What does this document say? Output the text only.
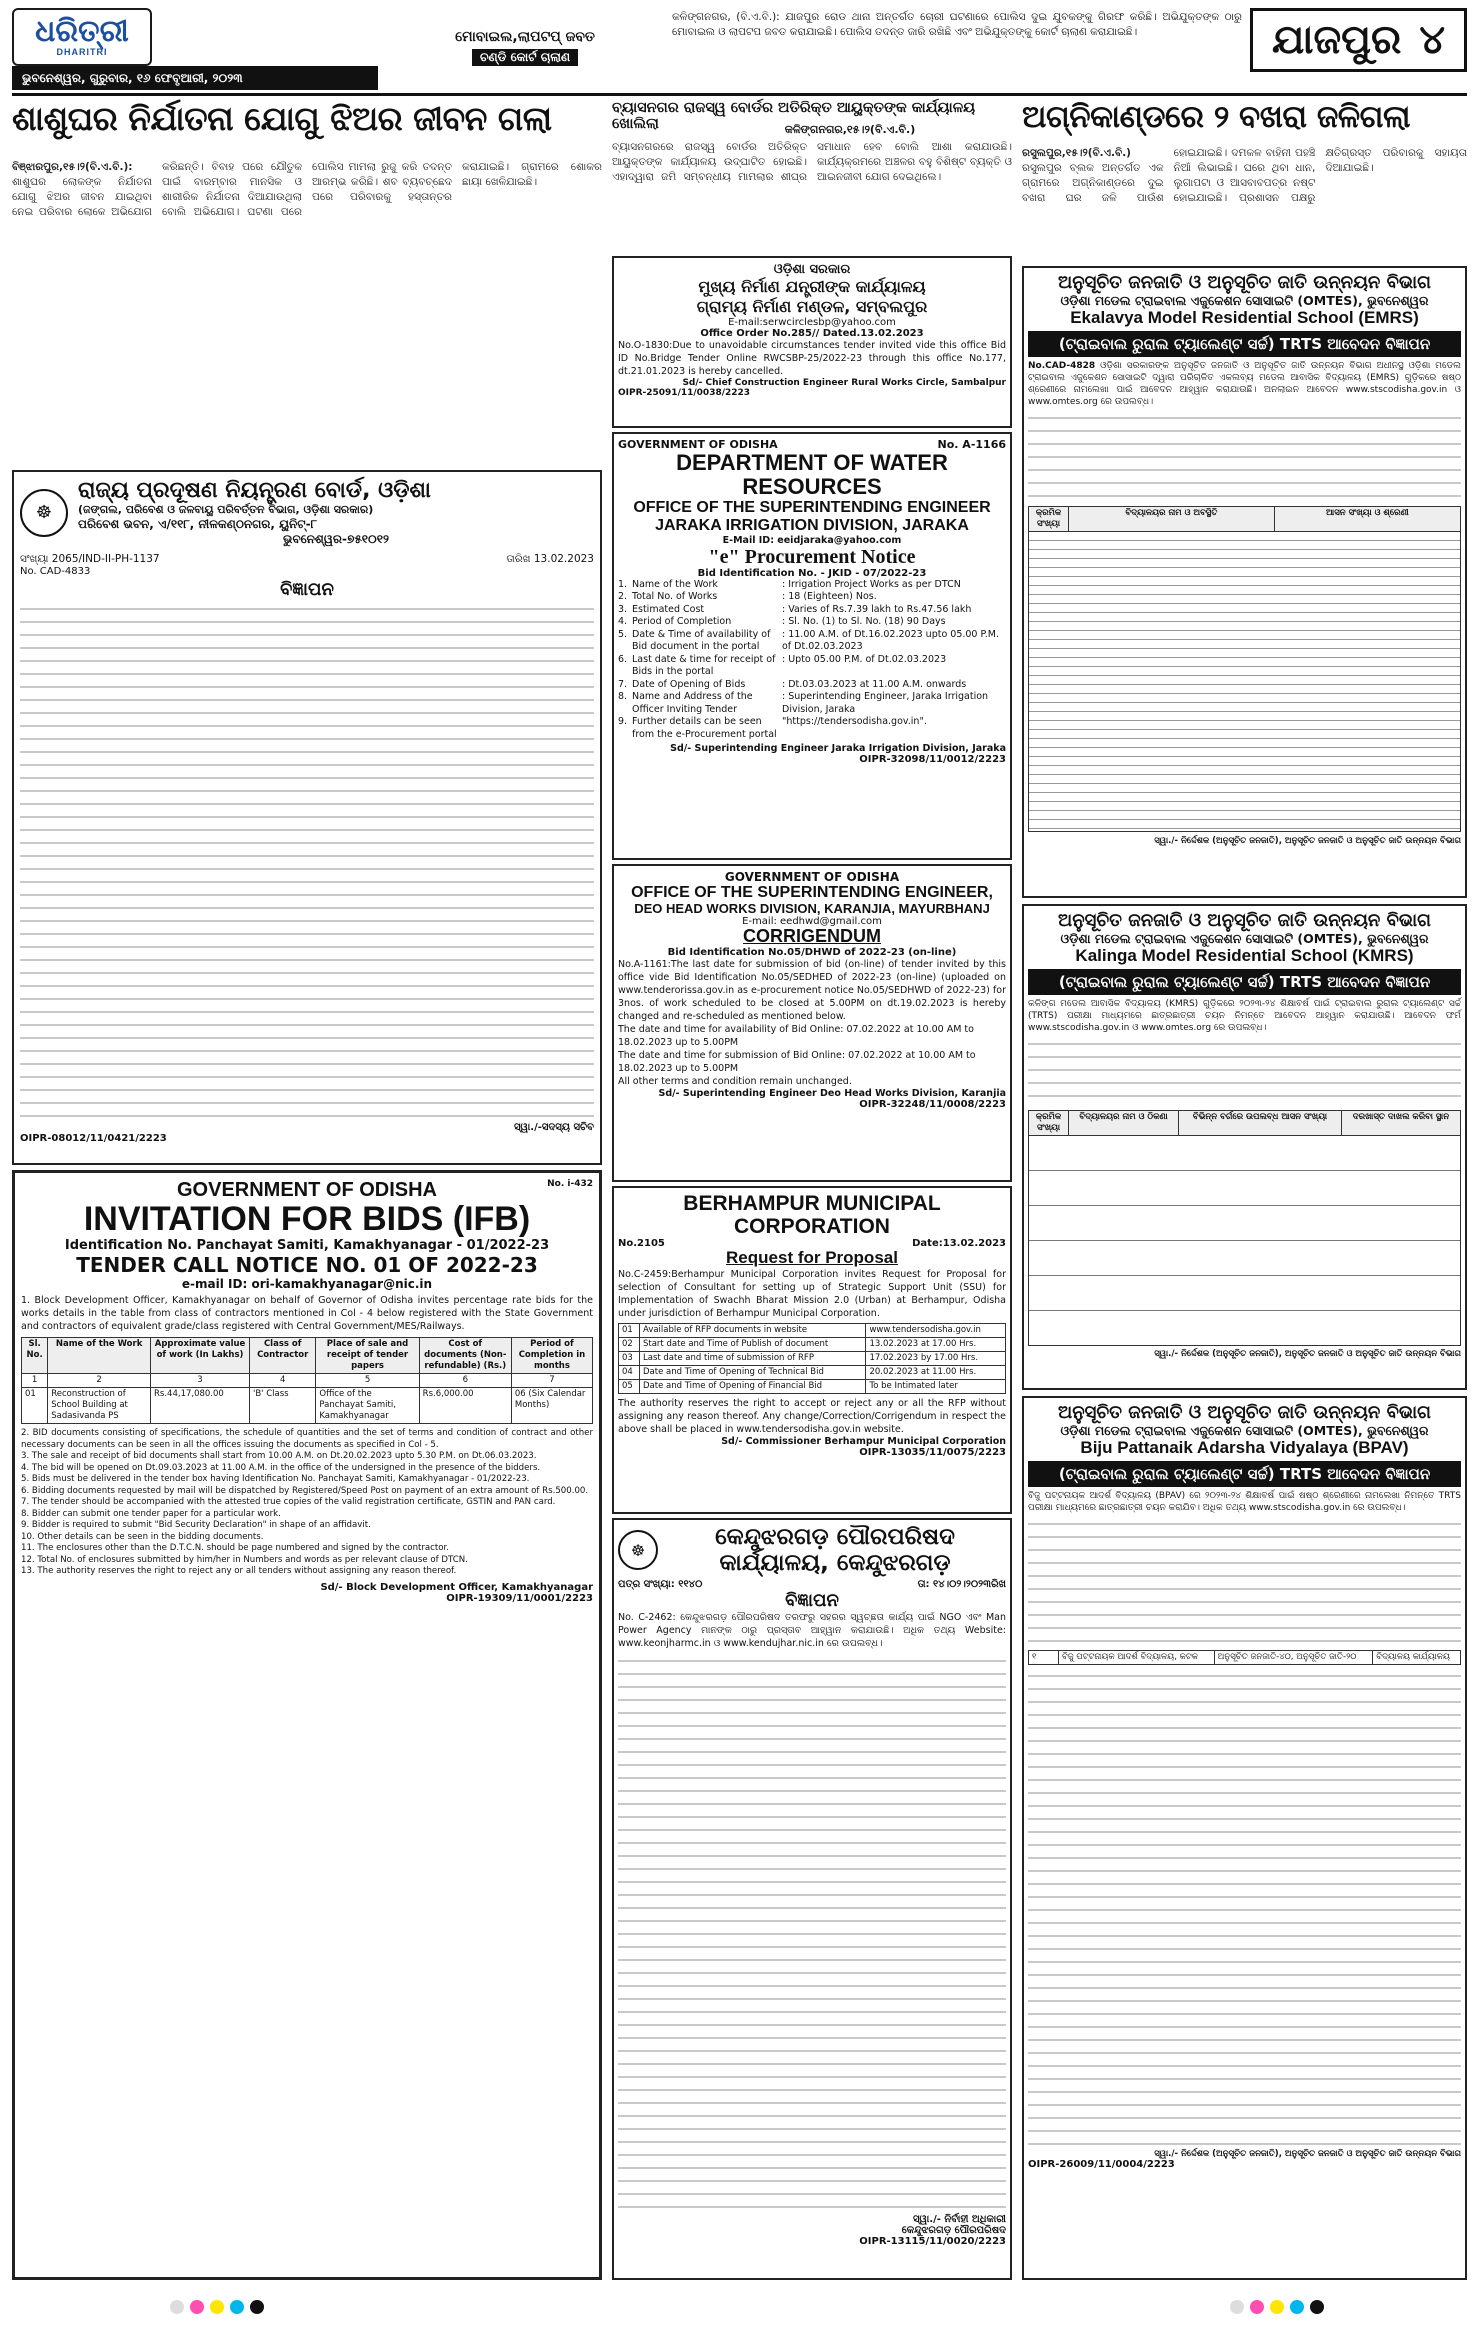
ଧରିତ୍ରୀ
DHARITRI
ଭୁବନେଶ୍ୱର, ଗୁରୁବାର, ୧୬ ଫେବୃଆରୀ, ୨୦୨୩
ମୋବାଇଲ,ଲାପଟପ୍ ଜବତ
ଚଣ୍ଡି କୋର୍ଟ ଚାଲାଣ
କଳିଙ୍ଗନଗର, (ବି.ଏ.ବି.): ଯାଜପୁର ରୋଡ ଥାନା ଅନ୍ତର୍ଗତ ଚୋରୀ ଘଟଣାରେ ପୋଲିସ ଦୁଇ ଯୁବକଙ୍କୁ ଗିରଫ କରିଛି। ଅଭିଯୁକ୍ତଙ୍କ ଠାରୁ ମୋବାଇଲ ଓ ଲାପଟପ ଜବତ କରାଯାଇଛି। ପୋଲିସ ତଦନ୍ତ ଜାରି ରଖିଛି ଏବଂ ଅଭିଯୁକ୍ତଙ୍କୁ କୋର୍ଟ ଚାଲାଣ କରାଯାଇଛି।	ଯାଜପୁର ୪
ଶାଶୁଘର ନିର୍ଯାତନା ଯୋଗୁ ଝିଅର ଜୀବନ ଗଲା
ବିଞ୍ଝାରପୁର,୧୫।୨(ବି.ଏ.ବି.): ଶାଶୁଘର ଲୋକଙ୍କ ନିର୍ଯାତନା ଯୋଗୁ ଝିଅର ଜୀବନ ଯାଇଥିବା ନେଇ ପରିବାର ଲୋକେ ଅଭିଯୋଗ କରିଛନ୍ତି। ବିବାହ ପରେ ଯୌତୁକ ପାଇଁ ବାରମ୍ବାର ମାନସିକ ଓ ଶାରୀରିକ ନିର୍ଯାତନା ଦିଆଯାଉଥିଲା ବୋଲି ଅଭିଯୋଗ। ଘଟଣା ପରେ ପୋଲିସ ମାମଲା ରୁଜୁ କରି ତଦନ୍ତ ଆରମ୍ଭ କରିଛି। ଶବ ବ୍ୟବଚ୍ଛେଦ ପରେ ପରିବାରକୁ ହସ୍ତାନ୍ତର କରାଯାଇଛି। ଗ୍ରାମରେ ଶୋକର ଛାୟା ଖେଳିଯାଇଛି।
ବ୍ୟାସନଗର ରାଜସ୍ୱ ବୋର୍ଡର ଅତିରିକ୍ତ ଆୟୁକ୍ତଙ୍କ କାର୍ଯ୍ୟାଳୟ ଖୋଲିଲା	କଳିଙ୍ଗନଗର,୧୫।୨(ବି.ଏ.ବି.)
ବ୍ୟାସନଗରରେ ରାଜସ୍ୱ ବୋର୍ଡର ଅତିରିକ୍ତ ଆୟୁକ୍ତଙ୍କ କାର୍ଯ୍ୟାଳୟ ଉଦ୍‌ଘାଟିତ ହୋଇଛି। ଏହାଦ୍ୱାରା ଜମି ସମ୍ବନ୍ଧୀୟ ମାମଲାର ଶୀଘ୍ର ସମାଧାନ ହେବ ବୋଲି ଆଶା କରାଯାଉଛି। କାର୍ଯ୍ୟକ୍ରମରେ ଅଞ୍ଚଳର ବହୁ ବିଶିଷ୍ଟ ବ୍ୟକ୍ତି ଓ ଆଇନଜୀବୀ ଯୋଗ ଦେଇଥିଲେ।
ଅଗ୍ନିକାଣ୍ଡରେ ୨ ବଖରା ଜଳିଗଲା
ରସୁଲପୁର,୧୫।୨(ବି.ଏ.ବି.) ରସୁଲପୁର ବ୍ଲକ ଅନ୍ତର୍ଗତ ଏକ ଗ୍ରାମରେ ଅଗ୍ନିକାଣ୍ଡରେ ଦୁଇ ବଖରା ଘର ଜଳି ପାଉଁଶ ହୋଇଯାଇଛି। ଦମକଳ ବାହିନୀ ପହଞ୍ଚି ନିଆଁ ଲିଭାଇଛି। ଘରେ ଥିବା ଧାନ, ଲୁଗାପଟା ଓ ଆସବାବପତ୍ର ନଷ୍ଟ ହୋଇଯାଇଛି। ପ୍ରଶାସନ ପକ୍ଷରୁ କ୍ଷତିଗ୍ରସ୍ତ ପରିବାରକୁ ସହାୟତା ଦିଆଯାଇଛି।
☸
ରାଜ୍ୟ ପ୍ରଦୂଷଣ ନିୟନ୍ତ୍ରଣ ବୋର୍ଡ, ଓଡ଼ିଶା
(ଜଙ୍ଗଲ, ପରିବେଶ ଓ ଜଳବାୟୁ ପରିବର୍ତ୍ତନ ବିଭାଗ, ଓଡ଼ିଶା ସରକାର)
ପରିବେଶ ଭବନ, ଏ/୧୧୮, ନୀଳକଣ୍ଠନଗର, ୟୁନିଟ୍-୮
ଭୁବନେଶ୍ୱର-୭୫୧୦୧୨
ସଂଖ୍ୟା 2065/IND-II-PH-1137	ତାରିଖ 13.02.2023
No. CAD-4833
ବିଜ୍ଞାପନ
ସ୍ୱା./-ସଦସ୍ୟ ସଚିବ
OIPR-08012/11/0421/2223
GOVERNMENT OF ODISHA	No. i-432
INVITATION FOR BIDS (IFB)
Identification No. Panchayat Samiti, Kamakhyanagar - 01/2022-23
TENDER CALL NOTICE NO. 01 OF 2022-23
e-mail ID: ori-kamakhyanagar@nic.in
1. Block Development Officer, Kamakhyanagar on behalf of Governor of Odisha invites percentage rate bids for the works details in the table from class of contractors mentioned in Col - 4 below registered with the State Government and contractors of equivalent grade/class registered with Central Government/MES/Railways.
Sl. No.	Name of the Work	Approximate value of work (In Lakhs)	Class of Contractor	Place of sale and receipt of tender papers	Cost of documents (Non-refundable) (Rs.)	Period of Completion in months
1	2	3	4	5	6	7
01	Reconstruction of School Building at Sadasivanda PS	Rs.44,17,080.00	'B' Class	Office of the Panchayat Samiti, Kamakhyanagar	Rs.6,000.00	06 (Six Calendar Months)
2. BID documents consisting of specifications, the schedule of quantities and the set of terms and condition of contract and other necessary documents can be seen in all the offices issuing the documents as specified in Col - 5.
3. The sale and receipt of bid documents shall start from 10.00 A.M. on Dt.20.02.2023 upto 5.30 P.M. on Dt.06.03.2023.
4. The bid will be opened on Dt.09.03.2023 at 11.00 A.M. in the office of the undersigned in the presence of the bidders.
5. Bids must be delivered in the tender box having Identification No. Panchayat Samiti, Kamakhyanagar - 01/2022-23.
6. Bidding documents requested by mail will be dispatched by Registered/Speed Post on payment of an extra amount of Rs.500.00.
7. The tender should be accompanied with the attested true copies of the valid registration certificate, GSTIN and PAN card.
8. Bidder can submit one tender paper for a particular work.
9. Bidder is required to submit "Bid Security Declaration" in shape of an affidavit.
10. Other details can be seen in the bidding documents.
11. The enclosures other than the D.T.C.N. should be page numbered and signed by the contractor.
12. Total No. of enclosures submitted by him/her in Numbers and words as per relevant clause of DTCN.
13. The authority reserves the right to reject any or all tenders without assigning any reason thereof.
Sd/- Block Development Officer, Kamakhyanagar
OIPR-19309/11/0001/2223
ଓଡ଼ିଶା ସରକାର
ମୁଖ୍ୟ ନିର୍ମାଣ ଯନ୍ତ୍ରୀଙ୍କ କାର୍ଯ୍ୟାଳୟ
ଗ୍ରାମ୍ୟ ନିର୍ମାଣ ମଣ୍ଡଳ, ସମ୍ବଲପୁର
E-mail:serwcirclesbp@yahoo.com
Office Order No.285// Dated.13.02.2023
No.O-1830:Due to unavoidable circumstances tender invited vide this office Bid ID No.Bridge Tender Online RWCSBP-25/2022-23 through this office No.177, dt.21.01.2023 is hereby cancelled.
Sd/- Chief Construction Engineer Rural Works Circle, Sambalpur
OIPR-25091/11/0038/2223
GOVERNMENT OF ODISHA	No. A-1166
DEPARTMENT OF WATER RESOURCES
OFFICE OF THE SUPERINTENDING ENGINEER
JARAKA IRRIGATION DIVISION, JARAKA
E-Mail ID: eeidjaraka@yahoo.com
"e" Procurement Notice
Bid Identification No. - JKID - 07/2022-23
1. Name of the Work	: Irrigation Project Works as per DTCN
2. Total No. of Works	: 18 (Eighteen) Nos.
3. Estimated Cost	: Varies of Rs.7.39 lakh to Rs.47.56 lakh
4. Period of Completion	: Sl. No. (1) to Sl. No. (18) 90 Days
5. Date & Time of availability of Bid document in the portal
: 11.00 A.M. of Dt.16.02.2023 upto 05.00 P.M. of Dt.02.03.2023
6. Last date & time for receipt of Bids in the portal
: Upto 05.00 P.M. of Dt.02.03.2023
7. Date of Opening of Bids	: Dt.03.03.2023 at 11.00 A.M. onwards
8. Name and Address of the Officer Inviting Tender
: Superintending Engineer, Jaraka Irrigation Division, Jaraka
9. Further details can be seen from the e-Procurement portal
"https://tendersodisha.gov.in".
Sd/- Superintending Engineer Jaraka Irrigation Division, Jaraka
OIPR-32098/11/0012/2223
GOVERNMENT OF ODISHA
OFFICE OF THE SUPERINTENDING ENGINEER,
DEO HEAD WORKS DIVISION, KARANJIA, MAYURBHANJ
E-mail: eedhwd@gmail.com
CORRIGENDUM
Bid Identification No.05/DHWD of 2022-23 (on-line)
No.A-1161:The last date for submission of bid (on-line) of tender invited by this office vide Bid Identification No.05/SEDHED of 2022-23 (on-line) (uploaded on www.tenderorissa.gov.in as e-procurement notice No.05/SEDHWD of 2022-23) for 3nos. of work scheduled to be closed at 5.00PM on dt.19.02.2023 is hereby changed and re-scheduled as mentioned below.
The date and time for availability of Bid Online: 07.02.2022 at 10.00 AM to 18.02.2023 up to 5.00PM
The date and time for submission of Bid Online: 07.02.2022 at 10.00 AM to 18.02.2023 up to 5.00PM
All other terms and condition remain unchanged.
Sd/- Superintending Engineer Deo Head Works Division, Karanjia
OIPR-32248/11/0008/2223
BERHAMPUR MUNICIPAL CORPORATION
No.2105	Date:13.02.2023
Request for Proposal
No.C-2459:Berhampur Municipal Corporation invites Request for Proposal for selection of Consultant for setting up of Strategic Support Unit (SSU) for Implementation of Swachh Bharat Mission 2.0 (Urban) at Berhampur, Odisha under jurisdiction of Berhampur Municipal Corporation.
01	Available of RFP documents in website	www.tendersodisha.gov.in
02	Start date and Time of Publish of document	13.02.2023 at 17.00 Hrs.
03	Last date and time of submission of RFP	17.02.2023 by 17.00 Hrs.
04	Date and Time of Opening of Technical Bid	20.02.2023 at 11.00 Hrs.
05	Date and Time of Opening of Financial Bid	To be Intimated later
The authority reserves the right to accept or reject any or all the RFP without assigning any reason thereof. Any change/Correction/Corrigendum in respect the above shall be placed in www.tendersodisha.gov.in website.
Sd/- Commissioner Berhampur Municipal Corporation
OIPR-13035/11/0075/2223
☸	କେନ୍ଦୁଝରଗଡ଼ ପୌରପରିଷଦ
କାର୍ଯ୍ୟାଳୟ, କେନ୍ଦୁଝରଗଡ଼
ପତ୍ର ସଂଖ୍ୟା: ୧୧୪୦	ତା: ୧୪।୦୨।୨୦୨୩ରିଖ
ବିଜ୍ଞାପନ
No. C-2462: କେନ୍ଦୁଝରଗଡ଼ ପୌରପରିଷଦ ତରଫରୁ ସହରର ସ୍ୱଚ୍ଛତା କାର୍ଯ୍ୟ ପାଇଁ NGO ଏବଂ Man Power Agency ମାନଙ୍କ ଠାରୁ ପ୍ରସ୍ତାବ ଆହ୍ୱାନ କରାଯାଉଛି। ଅଧିକ ତଥ୍ୟ Website: www.keonjharmc.in ଓ www.kendujhar.nic.in ରେ ଉପଲବ୍ଧ।
ସ୍ୱା./- ନିର୍ବାହୀ ଅଧିକାରୀ
କେନ୍ଦୁଝରଗଡ଼ ପୌରପରିଷଦ
OIPR-13115/11/0020/2223
ଅନୁସୂଚିତ ଜନଜାତି ଓ ଅନୁସୂଚିତ ଜାତି ଉନ୍ନୟନ ବିଭାଗ
ଓଡ଼ିଶା ମଡେଲ ଟ୍ରାଇବାଲ ଏଜୁକେଶନ ସୋସାଇଟି (OMTES), ଭୁବନେଶ୍ୱର
Ekalavya Model Residential School (EMRS)
(ଟ୍ରାଇବାଲ ରୁରାଲ ଟ୍ୟାଲେଣ୍ଟ ସର୍ଚ୍ଚ) TRTS ଆବେଦନ ବିଜ୍ଞାପନ
No.CAD-4828 ଓଡ଼ିଶା ସରକାରଙ୍କ ଅନୁସୂଚିତ ଜନଜାତି ଓ ଅନୁସୂଚିତ ଜାତି ଉନ୍ନୟନ ବିଭାଗ ଅଧୀନସ୍ଥ ଓଡ଼ିଶା ମଡେଲ ଟ୍ରାଇବାଲ ଏଜୁକେଶନ ସୋସାଇଟି ଦ୍ୱାରା ପରିଚାଳିତ ଏକଲବ୍ୟ ମଡେଲ ଆବାସିକ ବିଦ୍ୟାଳୟ (EMRS) ଗୁଡ଼ିକରେ ଷଷ୍ଠ ଶ୍ରେଣୀରେ ନାମଲେଖା ପାଇଁ ଆବେଦନ ଆହ୍ୱାନ କରାଯାଉଛି। ଅନଲାଇନ ଆବେଦନ www.stscodisha.gov.in ଓ www.omtes.org ରେ ଉପଲବ୍ଧ।
କ୍ରମିକ ସଂଖ୍ୟା	ବିଦ୍ୟାଳୟର ନାମ ଓ ଅବସ୍ଥିତି	ଆସନ ସଂଖ୍ୟା ଓ ଶ୍ରେଣୀ
ସ୍ୱା./- ନିର୍ଦ୍ଦେଶକ (ଅନୁସୂଚିତ ଜନଜାତି), ଅନୁସୂଚିତ ଜନଜାତି ଓ ଅନୁସୂଚିତ ଜାତି ଉନ୍ନୟନ ବିଭାଗ
ଅନୁସୂଚିତ ଜନଜାତି ଓ ଅନୁସୂଚିତ ଜାତି ଉନ୍ନୟନ ବିଭାଗ
ଓଡ଼ିଶା ମଡେଲ ଟ୍ରାଇବାଲ ଏଜୁକେଶନ ସୋସାଇଟି (OMTES), ଭୁବନେଶ୍ୱର
Kalinga Model Residential School (KMRS)
(ଟ୍ରାଇବାଲ ରୁରାଲ ଟ୍ୟାଲେଣ୍ଟ ସର୍ଚ୍ଚ) TRTS ଆବେଦନ ବିଜ୍ଞାପନ
କଳିଙ୍ଗ ମଡେଲ ଆବାସିକ ବିଦ୍ୟାଳୟ (KMRS) ଗୁଡ଼ିକରେ ୨୦୨୩-୨୪ ଶିକ୍ଷାବର୍ଷ ପାଇଁ ଟ୍ରାଇବାଲ ରୁରାଲ ଟ୍ୟାଲେଣ୍ଟ ସର୍ଚ୍ଚ (TRTS) ପରୀକ୍ଷା ମାଧ୍ୟମରେ ଛାତ୍ରଛାତ୍ରୀ ଚୟନ ନିମନ୍ତେ ଆବେଦନ ଆହ୍ୱାନ କରାଯାଉଛି। ଆବେଦନ ଫର୍ମ www.stscodisha.gov.in ଓ www.omtes.org ରେ ଉପଲବ୍ଧ।
କ୍ରମିକ ସଂଖ୍ୟା	ବିଦ୍ୟାଳୟର ନାମ ଓ ଠିକଣା	ବିଭିନ୍ନ ବର୍ଗରେ ଉପଲବ୍ଧ ଆସନ ସଂଖ୍ୟା	ଦରଖାସ୍ତ ଦାଖଲ କରିବା ସ୍ଥାନ
ସ୍ୱା./- ନିର୍ଦ୍ଦେଶକ (ଅନୁସୂଚିତ ଜନଜାତି), ଅନୁସୂଚିତ ଜନଜାତି ଓ ଅନୁସୂଚିତ ଜାତି ଉନ୍ନୟନ ବିଭାଗ
ଅନୁସୂଚିତ ଜନଜାତି ଓ ଅନୁସୂଚିତ ଜାତି ଉନ୍ନୟନ ବିଭାଗ
ଓଡ଼ିଶା ମଡେଲ ଟ୍ରାଇବାଲ ଏଜୁକେଶନ ସୋସାଇଟି (OMTES), ଭୁବନେଶ୍ୱର
Biju Pattanaik Adarsha Vidyalaya (BPAV)
(ଟ୍ରାଇବାଲ ରୁରାଲ ଟ୍ୟାଲେଣ୍ଟ ସର୍ଚ୍ଚ) TRTS ଆବେଦନ ବିଜ୍ଞାପନ
ବିଜୁ ପଟ୍ଟନାୟକ ଆଦର୍ଶ ବିଦ୍ୟାଳୟ (BPAV) ରେ ୨୦୨୩-୨୪ ଶିକ୍ଷାବର୍ଷ ପାଇଁ ଷଷ୍ଠ ଶ୍ରେଣୀରେ ନାମଲେଖା ନିମନ୍ତେ TRTS ପରୀକ୍ଷା ମାଧ୍ୟମରେ ଛାତ୍ରଛାତ୍ରୀ ଚୟନ କରାଯିବ। ଅଧିକ ତଥ୍ୟ www.stscodisha.gov.in ରେ ଉପଲବ୍ଧ।
୧	ବିଜୁ ପଟ୍ଟନାୟକ ଆଦର୍ଶ ବିଦ୍ୟାଳୟ, କଟକ	ଅନୁସୂଚିତ ଜନଜାତି-୪୦, ଅନୁସୂଚିତ ଜାତି-୨୦	ବିଦ୍ୟାଳୟ କାର୍ଯ୍ୟାଳୟ
ସ୍ୱା./- ନିର୍ଦ୍ଦେଶକ (ଅନୁସୂଚିତ ଜନଜାତି), ଅନୁସୂଚିତ ଜନଜାତି ଓ ଅନୁସୂଚିତ ଜାତି ଉନ୍ନୟନ ବିଭାଗ
OIPR-26009/11/0004/2223
